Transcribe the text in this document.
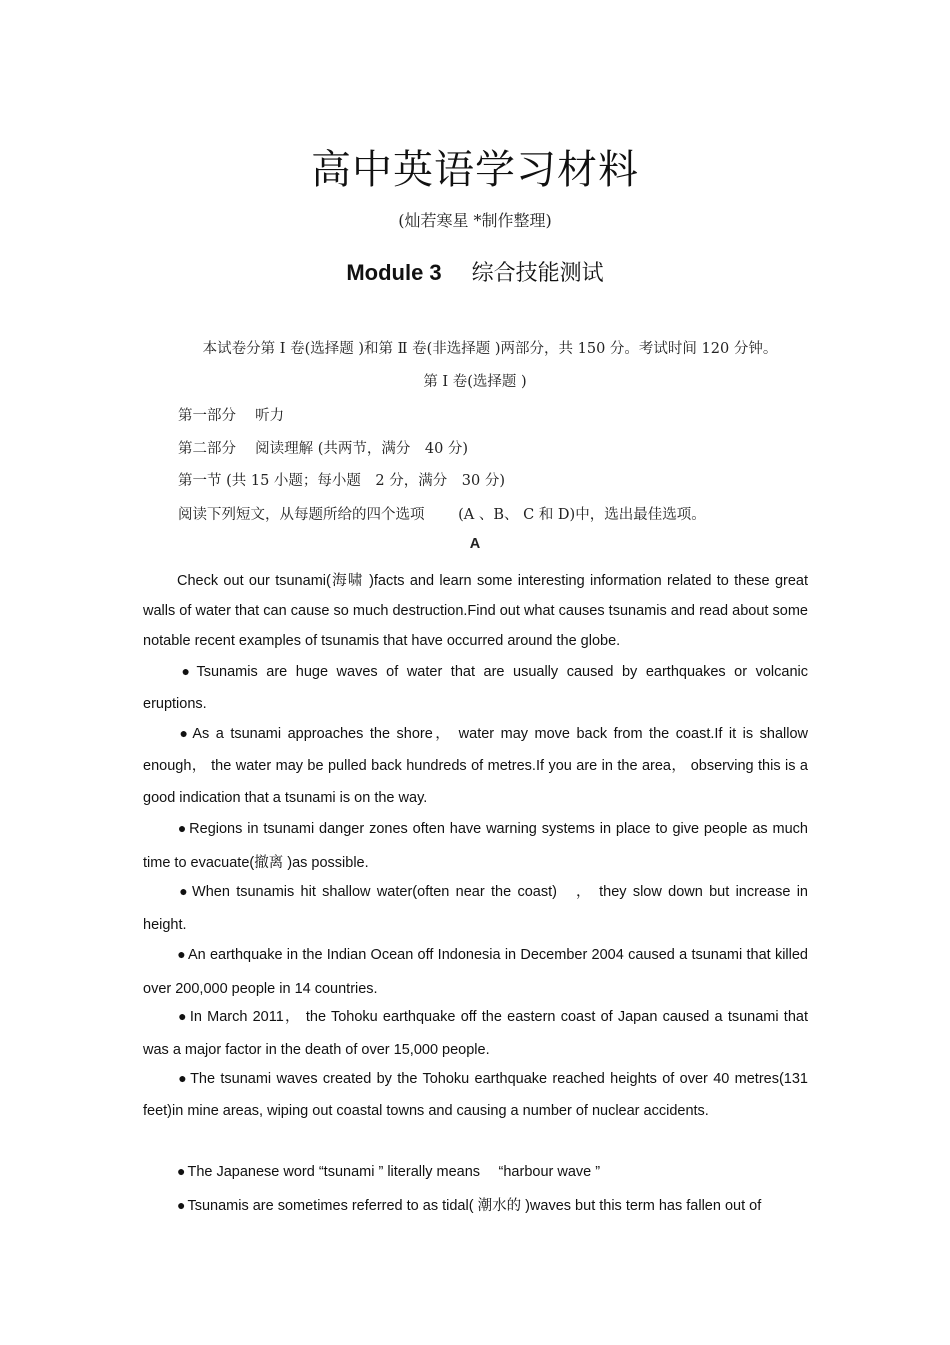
高中英语学习材料
(灿若寒星 *制作整理)
Module 3 综合技能测试
本试卷分第 Ⅰ 卷(选择题 )和第 Ⅱ 卷(非选择题 )两部分，共 150 分。考试时间 120 分钟。
第 Ⅰ 卷(选择题 )
第一部分　 听力
第二部分　 阅读理解 (共两节，满分　40 分)
第一节 (共 15 小题；每小题　2 分，满分　30 分)
阅读下列短文，从每题所给的四个选项　 　(A 、B、 C 和 D)中，选出最佳选项。
A
Check out our tsunami(海啸 )facts and learn some interesting information related to these great walls of water that can cause so much destruction.Find out what causes tsunamis and read about some notable recent examples of tsunamis that have occurred around the globe.
● Tsunamis are huge waves of water that are usually caused by earthquakes or volcanic eruptions.
● As a tsunami approaches the shore， water may move back from the coast.If it is shallow enough， the water may be pulled back hundreds of metres.If you are in the area， observing this is a good indication that a tsunami is on the way.
● Regions in tsunami danger zones often have warning systems in place to give people as much time to evacuate(撤离 )as possible.
● When tsunamis hit shallow water(often near the coast)　， they slow down but increase in height.
● An earthquake in the Indian Ocean off Indonesia in December 2004 caused a tsunami that killed over 200,000 people in 14 countries.
● In March 2011， the Tohoku earthquake off the eastern coast of Japan caused a tsunami that was a major factor in the death of over 15,000 people.
● The tsunami waves created by the Tohoku earthquake reached heights of over 40 metres(131 feet)in mine areas, wiping out coastal towns and causing a number of nuclear accidents.
● The Japanese word “tsunami ” literally means　 “harbour wave ”
● Tsunamis are sometimes referred to as tidal( 潮水的 )waves but this term has fallen out of
